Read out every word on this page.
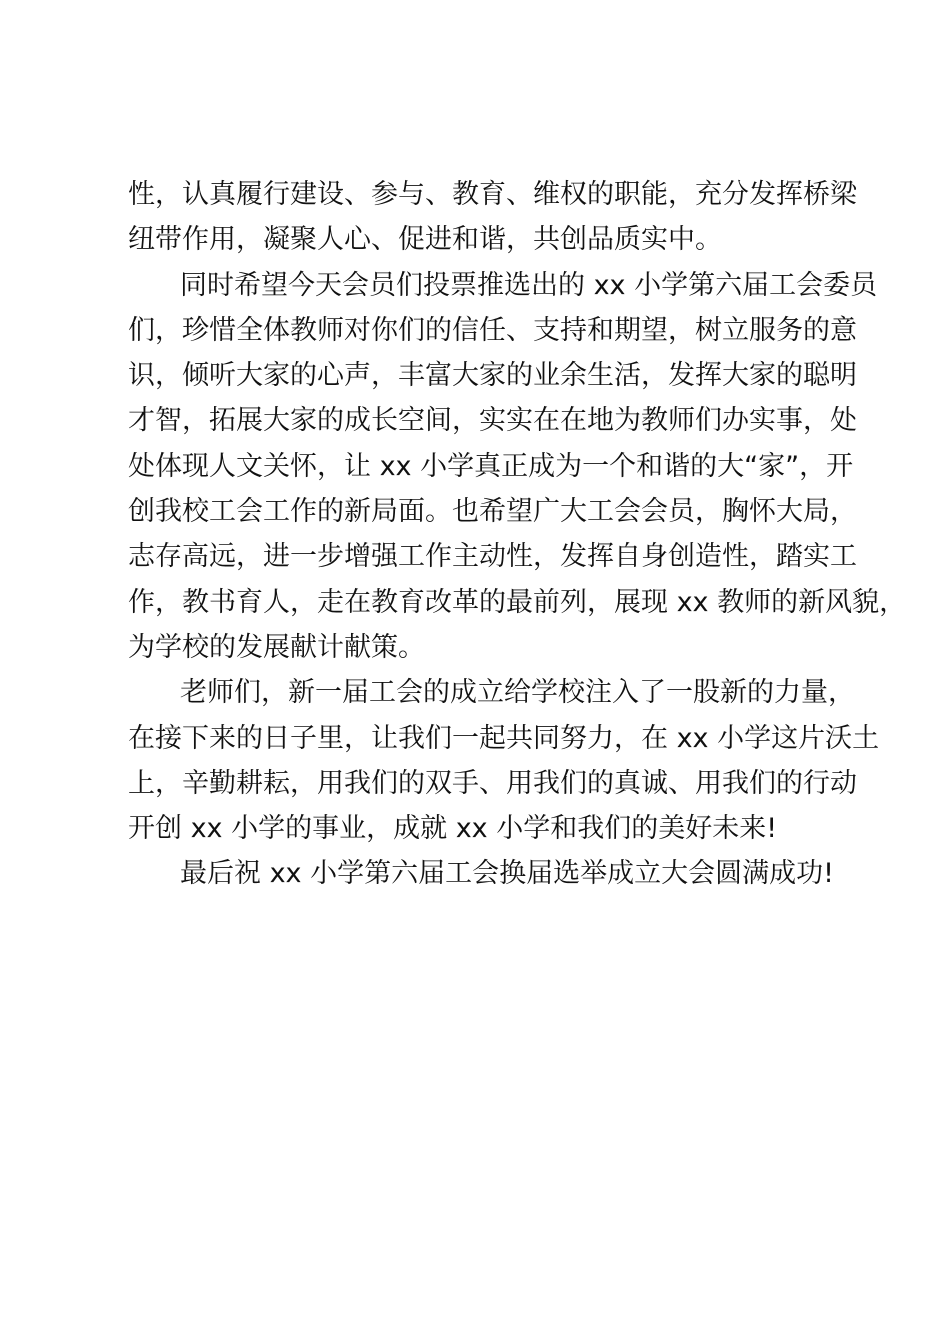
性，认真履行建设、参与、教育、维权的职能，充分发挥桥梁
纽带作用，凝聚人心、促进和谐，共创品质实中。
同时希望今天会员们投票推选出的 xx 小学第六届工会委员
们，珍惜全体教师对你们的信任、支持和期望，树立服务的意
识，倾听大家的心声，丰富大家的业余生活，发挥大家的聪明
才智，拓展大家的成长空间，实实在在地为教师们办实事，处
处体现人文关怀，让 xx 小学真正成为一个和谐的大“家”，开
创我校工会工作的新局面。也希望广大工会会员，胸怀大局，
志存高远，进一步增强工作主动性，发挥自身创造性，踏实工
作，教书育人，走在教育改革的最前列，展现 xx 教师的新风貌，
为学校的发展献计献策。
老师们，新一届工会的成立给学校注入了一股新的力量，
在接下来的日子里，让我们一起共同努力，在 xx 小学这片沃土
上，辛勤耕耘，用我们的双手、用我们的真诚、用我们的行动
开创 xx 小学的事业，成就 xx 小学和我们的美好未来!
最后祝 xx 小学第六届工会换届选举成立大会圆满成功!
